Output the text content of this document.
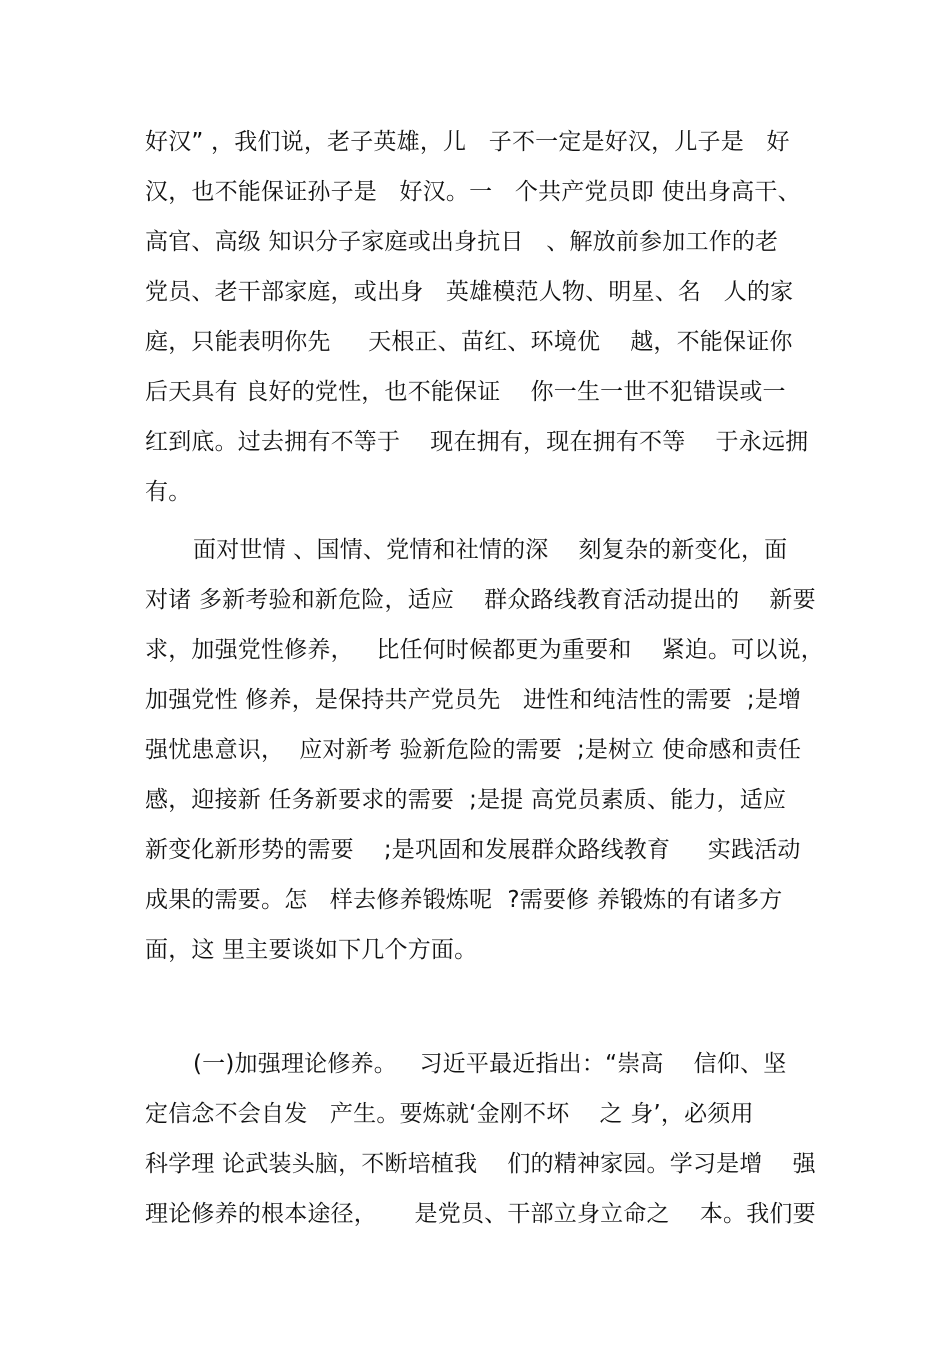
好汉” ，我们说，老子英雄，儿   子不一定是好汉，儿子是   好
汉，也不能保证孙子是   好汉。一   个共产党员即 使出身高干、
高官、高级 知识分子家庭或出身抗日   、解放前参加工作的老
党员、老干部家庭，或出身   英雄模范人物、明星、名   人的家
庭，只能表明你先     天根正、苗红、环境优    越，不能保证你
后天具有 良好的党性，也不能保证    你一生一世不犯错误或一
红到底。过去拥有不等于    现在拥有，现在拥有不等    于永远拥
有。
面对世情 、国情、党情和社情的深    刻复杂的新变化，面
对诸 多新考验和新危险，适应    群众路线教育活动提出的    新要
求，加强党性修养，   比任何时候都更为重要和    紧迫。可以说，
加强党性 修养，是保持共产党员先   进性和纯洁性的需要  ;是增
强忧患意识，  应对新考 验新危险的需要  ;是树立 使命感和责任
感，迎接新 任务新要求的需要  ;是提 高党员素质、能力，适应
新变化新形势的需要    ;是巩固和发展群众路线教育     实践活动
成果的需要。怎   样去修养锻炼呢  ?需要修 养锻炼的有诸多方
面，这 里主要谈如下几个方面。
(一)加强理论修养。   习近平最近指出：“崇高    信仰、坚
定信念不会自发   产生。要炼就‘金刚不坏    之 身’，必须用
科学理 论武装头脑，不断培植我    们的精神家园。学习是增    强
理论修养的根本途径，     是党员、干部立身立命之    本。我们要
